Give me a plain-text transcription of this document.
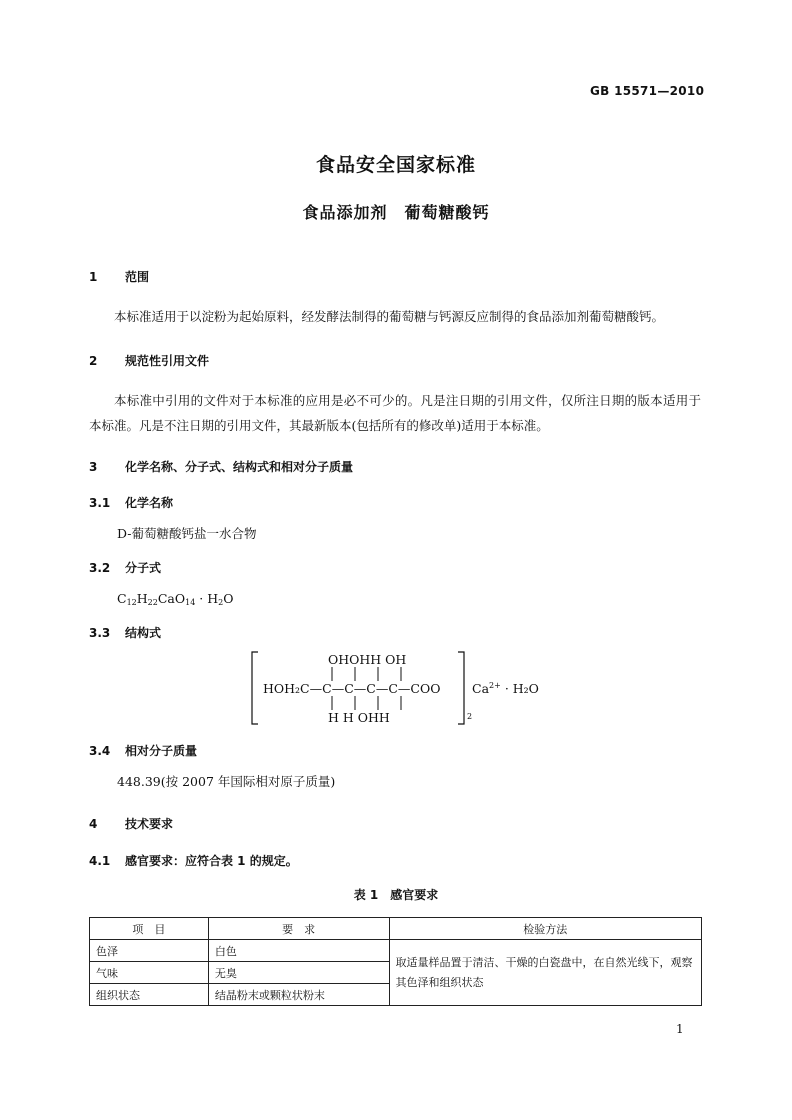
GB 15571—2010
食品安全国家标准
食品添加剂　葡萄糖酸钙
1 范围
本标准适用于以淀粉为起始原料，经发酵法制得的葡萄糖与钙源反应制得的食品添加剂葡萄糖酸钙。
2 规范性引用文件
本标准中引用的文件对于本标准的应用是必不可少的。凡是注日期的引用文件，仅所注日期的版本适用于本标准。凡是不注日期的引用文件，其最新版本(包括所有的修改单)适用于本标准。
3 化学名称、分子式、结构式和相对分子质量
3.1 化学名称
D-葡萄糖酸钙盐一水合物
3.2 分子式
$C_{12}H_{22}CaO_{14} \cdot H_2O$
3.3 结构式
OHOHH OH
HOH₂C—C—C—C—C—COO
H H OHH	2
$Ca^{2+} \cdot H_2O$
3.4 相对分子质量
448.39(按 2007 年国际相对原子质量)
4 技术要求
4.1 感官要求：应符合表 1 的规定。
表 1　感官要求
项　目	要　求	检验方法
色泽	白色	取适量样品置于清洁、干燥的白瓷盘中，在自然光线下，观察其色泽和组织状态
气味	无臭	
组织状态	结晶粉末或颗粒状粉末	
1
